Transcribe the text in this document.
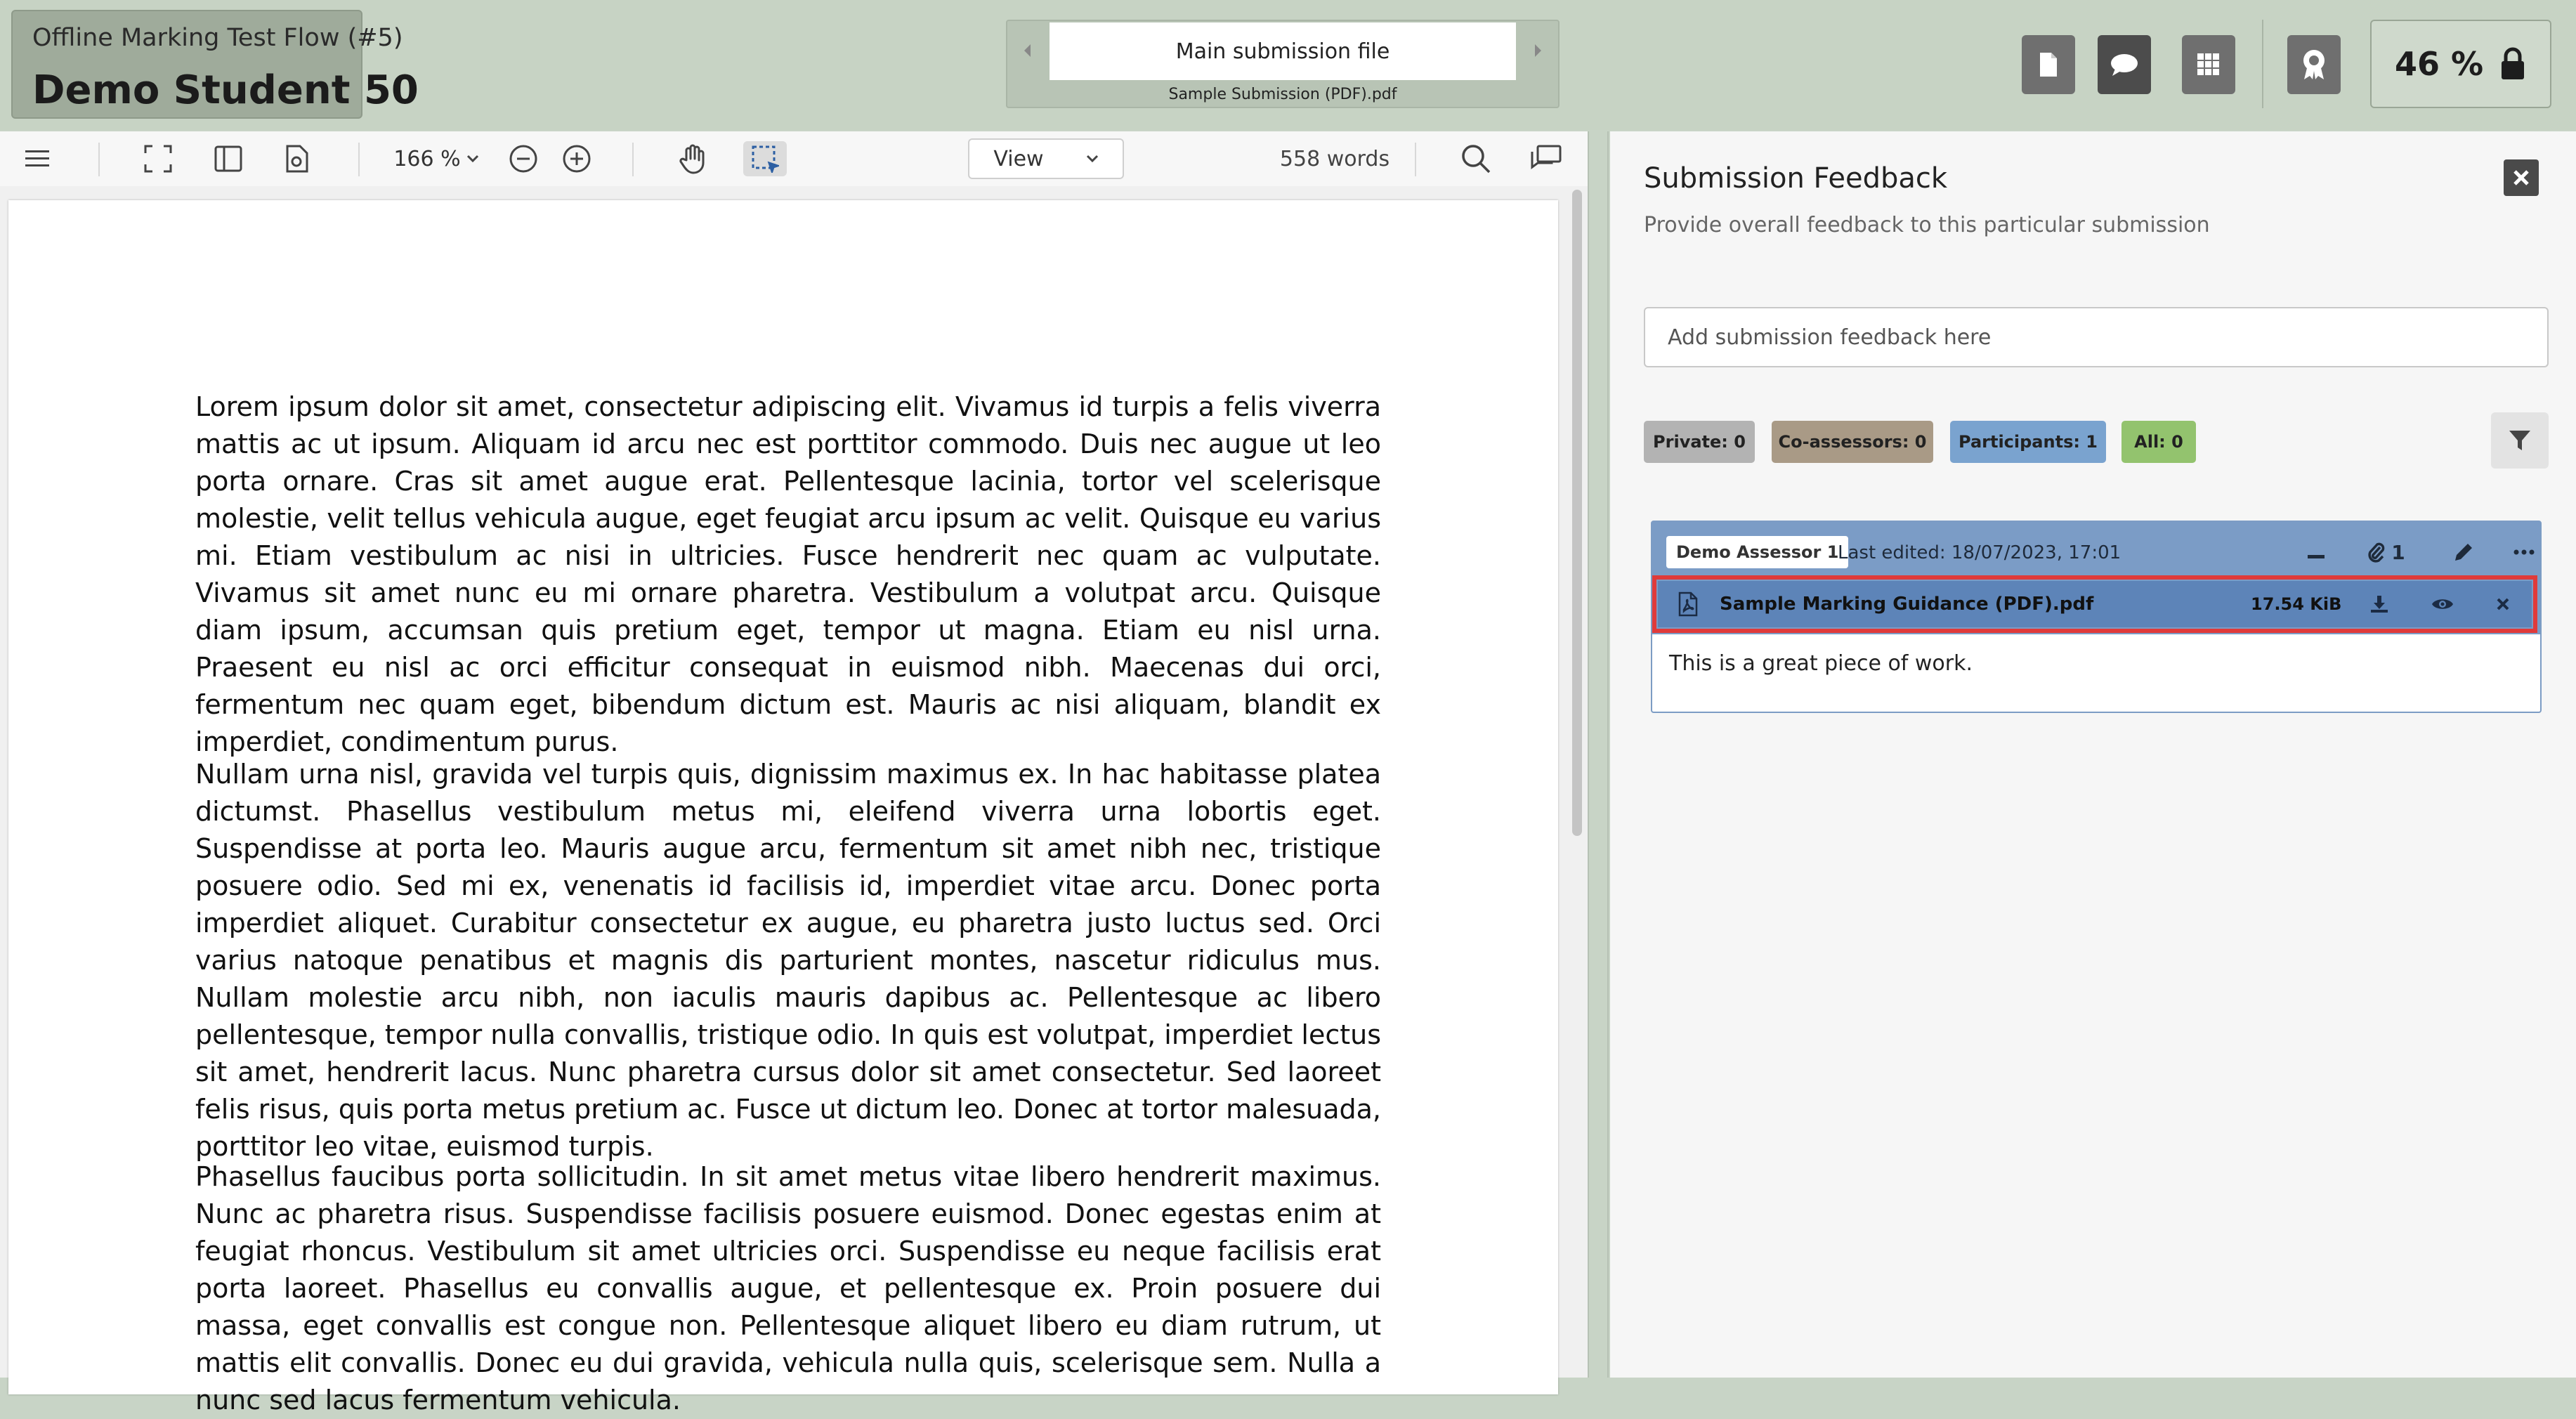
Offline Marking Test Flow (#5)
Demo Student 50
Main submission file
Sample Submission (PDF).pdf
46 %
166 %	View	558 words

Lorem ipsum dolor sit amet, consectetur adipiscing elit. Vivamus id turpis a felis viverra mattis ac ut ipsum. Aliquam id arcu nec est porttitor commodo. Duis nec augue ut leo porta ornare. Cras sit amet augue erat. Pellentesque lacinia, tortor vel scelerisque molestie, velit tellus vehicula augue, eget feugiat arcu ipsum ac velit. Quisque eu varius mi. Etiam vestibulum ac nisi in ultricies. Fusce hendrerit nec quam ac vulputate. Vivamus sit amet nunc eu mi ornare pharetra. Vestibulum a volutpat arcu. Quisque diam ipsum, accumsan quis pretium eget, tempor ut magna. Etiam eu nisl urna. Praesent eu nisl ac orci efficitur consequat in euismod nibh. Maecenas dui orci, fermentum nec quam eget, bibendum dictum est. Mauris ac nisi aliquam, blandit ex imperdiet, condimentum purus.

Nullam urna nisl, gravida vel turpis quis, dignissim maximus ex. In hac habitasse platea dictumst. Phasellus vestibulum metus mi, eleifend viverra urna lobortis eget. Suspendisse at porta leo. Mauris augue arcu, fermentum sit amet nibh nec, tristique posuere odio. Sed mi ex, venenatis id facilisis id, imperdiet vitae arcu. Donec porta imperdiet aliquet. Curabitur consectetur ex augue, eu pharetra justo luctus sed. Orci varius natoque penatibus et magnis dis parturient montes, nascetur ridiculus mus. Nullam molestie arcu nibh, non iaculis mauris dapibus ac. Pellentesque ac libero pellentesque, tempor nulla convallis, tristique odio. In quis est volutpat, imperdiet lectus sit amet, hendrerit lacus. Nunc pharetra cursus dolor sit amet consectetur. Sed laoreet felis risus, quis porta metus pretium ac. Fusce ut dictum leo. Donec at tortor malesuada, porttitor leo vitae, euismod turpis.

Phasellus faucibus porta sollicitudin. In sit amet metus vitae libero hendrerit maximus. Nunc ac pharetra risus. Suspendisse facilisis posuere euismod. Donec egestas enim at feugiat rhoncus. Vestibulum sit amet ultricies orci. Suspendisse eu neque facilisis erat porta laoreet. Phasellus eu convallis augue, et pellentesque ex. Proin posuere dui massa, eget convallis est congue non. Pellentesque aliquet libero eu diam rutrum, ut mattis elit convallis. Donec eu dui gravida, vehicula nulla quis, scelerisque sem. Nulla a nunc sed lacus fermentum vehicula.

Submission Feedback
Provide overall feedback to this particular submission
Add submission feedback here
Private: 0	Co-assessors: 0	Participants: 1	All: 0
Demo Assessor 1
Last edited: 18/07/2023, 17:01	1
Sample Marking Guidance (PDF).pdf	17.54 KiB
This is a great piece of work.
